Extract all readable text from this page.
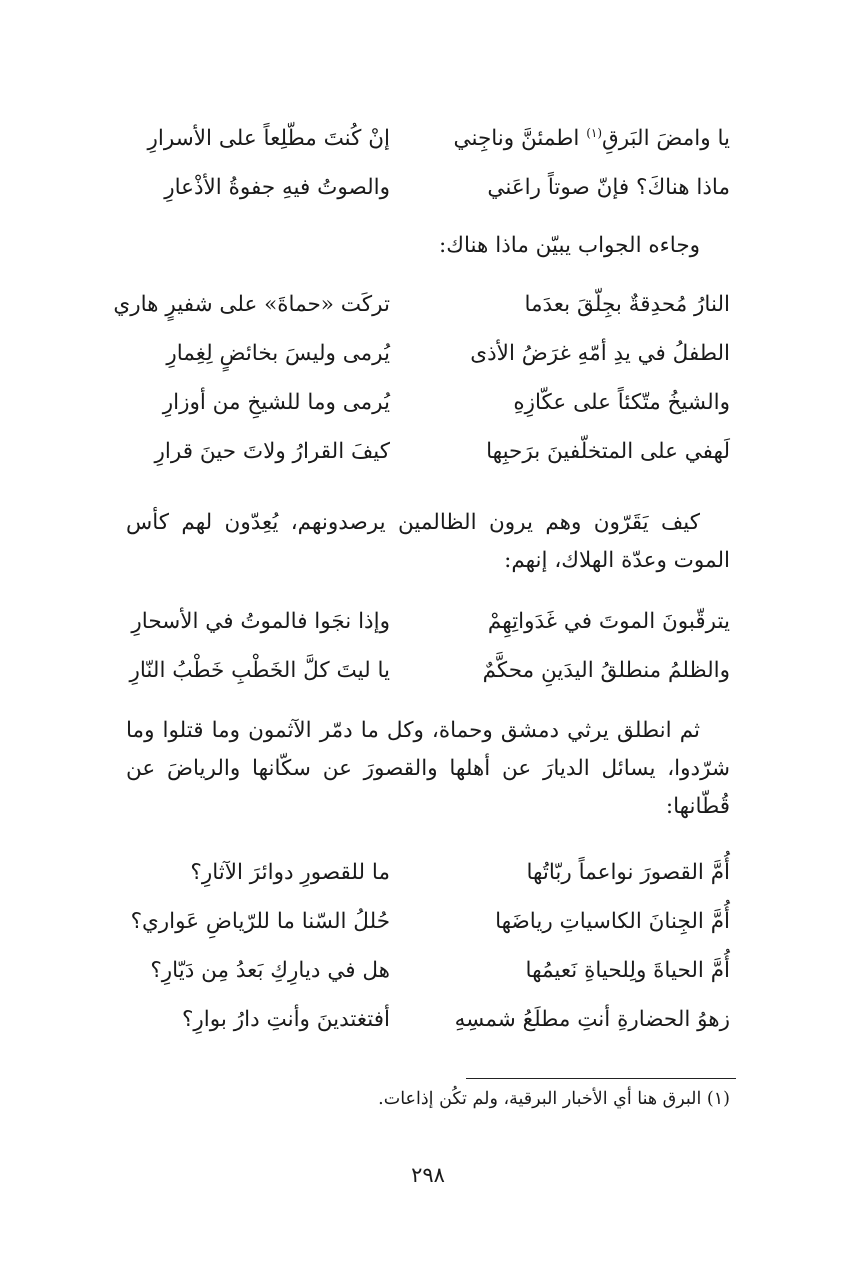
يا وامضَ البَرقِ$^{(١)}$ اطمئنَّ وناجِني
إنْ كُنتَ مطّلِعاً على الأسرارِ
ماذا هناكَ؟ فإنّ صوتاً راعَني
والصوتُ فيهِ جفوةُ الأذْعارِ
وجاءه الجواب يبيّن ماذا هناك:
النارُ مُحدِقةٌ بجِلّقَ بعدَما
تركَت «حماةَ» على شفيرٍ هاري
الطفلُ في يدِ أمّهِ غرَضُ الأذى
يُرمى وليسَ بخائضٍ لِغِمارِ
والشيخُ متّكئاً على عكّازِهِ
يُرمى وما للشيخِ من أوزارِ
لَهفي على المتخلّفينَ برَحبِها
كيفَ القرارُ ولاتَ حينَ قرارِ
كيف يَقَرّون وهم يرون الظالمين يرصدونهم، يُعِدّون لهم كأس الموت وعدّة الهلاك، إنهم:
يترقّبونَ الموتَ في غَدَواتِهِمْ
وإذا نجَوا فالموتُ في الأسحارِ
والظلمُ منطلقُ اليدَينِ محكَّمٌ
يا ليتَ كلَّ الخَطْبِ خَطْبُ النّارِ
ثم انطلق يرثي دمشق وحماة، وكل ما دمّر الآثمون وما قتلوا وما شرّدوا، يسائل الديارَ عن أهلها والقصورَ عن سكّانها والرياضَ عن قُطّانها:
أُمَّ القصورَ نواعماً ربّاتُها
ما للقصورِ دوائرَ الآثارِ؟
أُمَّ الجِنانَ الكاسياتِ رياضَها
حُللُ السّنا ما للرّياضِ عَواري؟
أُمَّ الحياةَ ولِلحياةِ نَعيمُها
هل في ديارِكِ بَعدُ مِن دَيّارِ؟
زهوُ الحضارةِ أنتِ مطلَعُ شمسِهِ
أفتغتدينَ وأنتِ دارُ بوارِ؟
(١) البرق هنا أي الأخبار البرقية، ولم تكُن إذاعات.
٢٩٨
